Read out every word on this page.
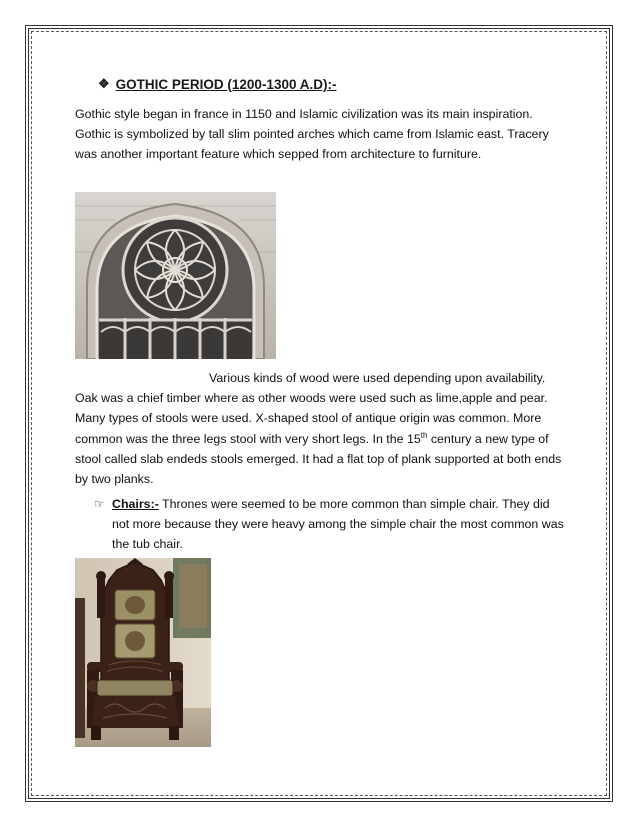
❖ GOTHIC PERIOD (1200-1300 A.D):-

Gothic style began in france in 1150 and Islamic civilization was its main inspiration. Gothic is symbolized by tall slim pointed arches which came from Islamic east. Tracery was another important feature which sepped from architecture to furniture.

Various kinds of wood were used depending upon availability. Oak was a chief timber where as other woods were used such as lime,apple and pear. Many types of stools were used. X-shaped stool of antique origin was common. More common was the three legs stool with very short legs. In the 15th century a new type of stool called slab endeds stools emerged. It had a flat top of plank supported at both ends by two planks.

☞ Chairs:- Thrones were seemed to be more common than simple chair. They did not more because they were heavy among the simple chair the most common was the tub chair.
